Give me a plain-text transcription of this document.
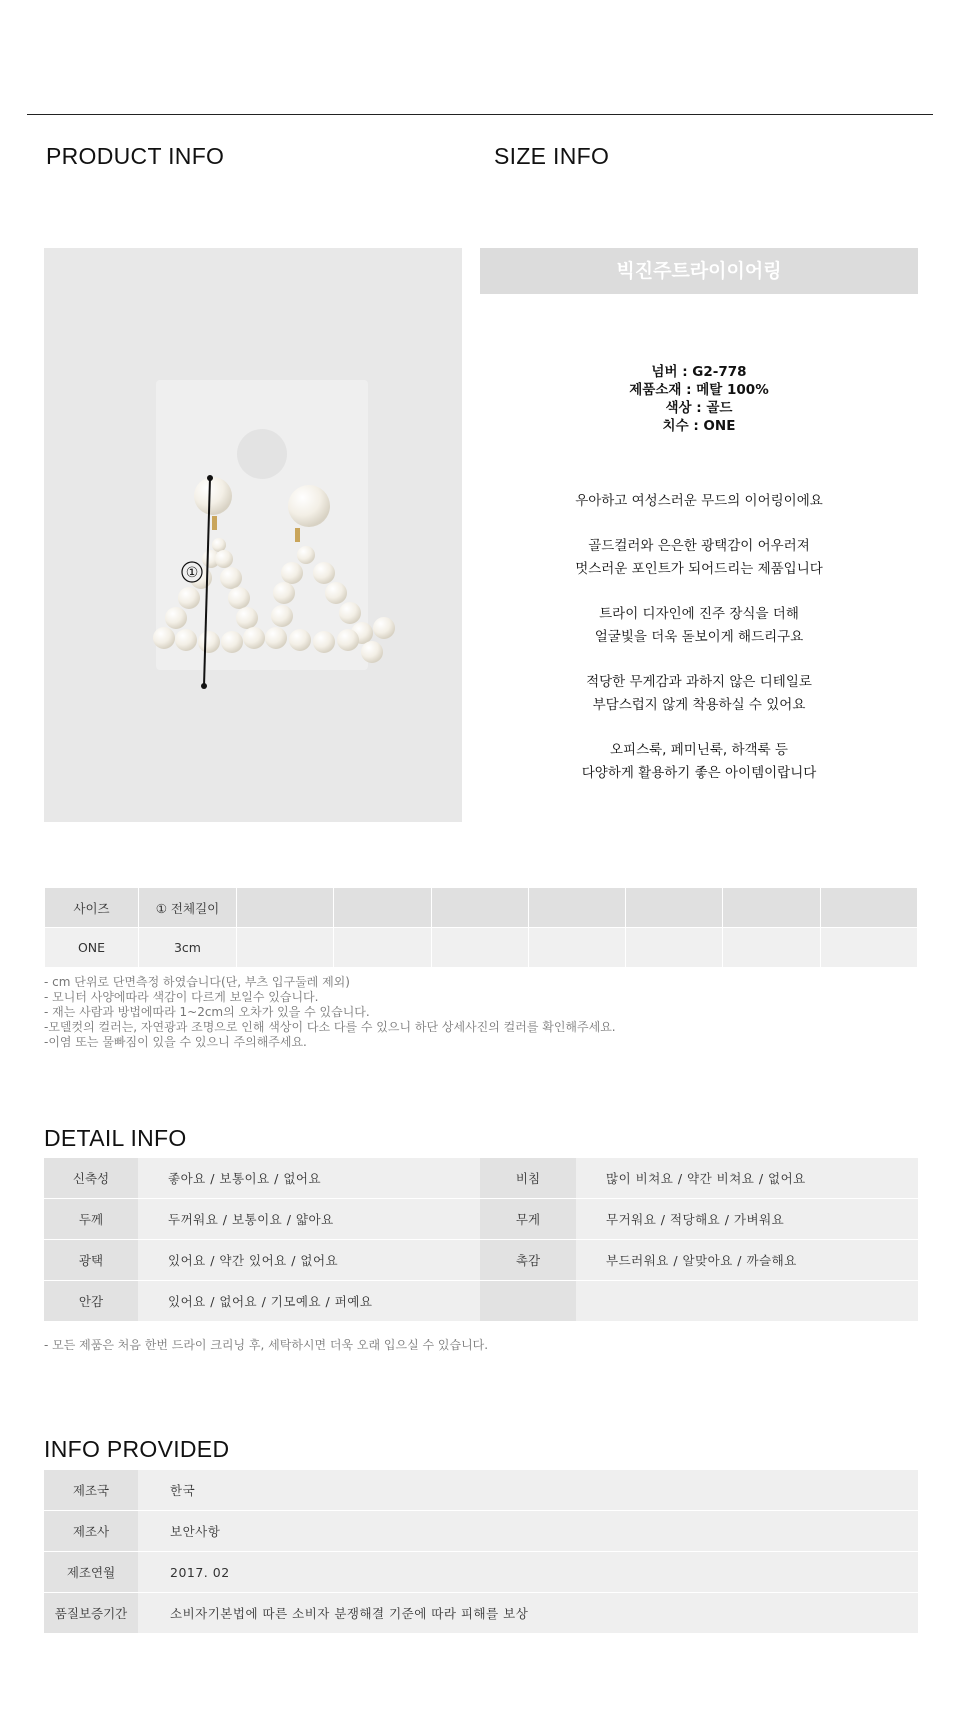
PRODUCT INFO	SIZE INFO
①
빅진주트라이이어링
넘버 : G2-778
제품소재 : 메탈 100%
색상 : 골드
치수 : ONE

우아하고 여성스러운 무드의 이어링이에요

골드컬러와 은은한 광택감이 어우러져
멋스러운 포인트가 되어드리는 제품입니다

트라이 디자인에 진주 장식을 더해
얼굴빛을 더욱 돋보이게 해드리구요

적당한 무게감과 과하지 않은 디테일로
부담스럽지 않게 착용하실 수 있어요

오피스룩, 페미닌룩, 하객룩 등
다양하게 활용하기 좋은 아이템이랍니다

사이즈	① 전체길이							
ONE	3cm							
- cm 단위로 단면측정 하였습니다(단, 부츠 입구둘레 제외)
- 모니터 사양에따라 색감이 다르게 보일수 있습니다.
- 재는 사람과 방법에따라 1~2cm의 오차가 있을 수 있습니다.
-모델컷의 컬러는, 자연광과 조명으로 인해 색상이 다소 다를 수 있으니 하단 상세사진의 컬러를 확인해주세요.
-이염 또는 물빠짐이 있을 수 있으니 주의해주세요.
DETAIL INFO
신축성	좋아요 / 보통이요 / 없어요	비침	많이 비쳐요 / 약간 비쳐요 / 없어요
두께	두꺼워요 / 보통이요 / 얇아요	무게	무거워요 / 적당해요 / 가벼워요
광택	있어요 / 약간 있어요 / 없어요	촉감	부드러워요 / 알맞아요 / 까슬해요
안감	있어요 / 없어요 / 기모예요 / 퍼예요		
- 모든 제품은 처음 한번 드라이 크리닝 후, 세탁하시면 더욱 오래 입으실 수 있습니다.
INFO PROVIDED
제조국	한국
제조사	보안사항
제조연월	2017. 02
품질보증기간	소비자기본법에 따른 소비자 분쟁해결 기준에 따라 피해를 보상
